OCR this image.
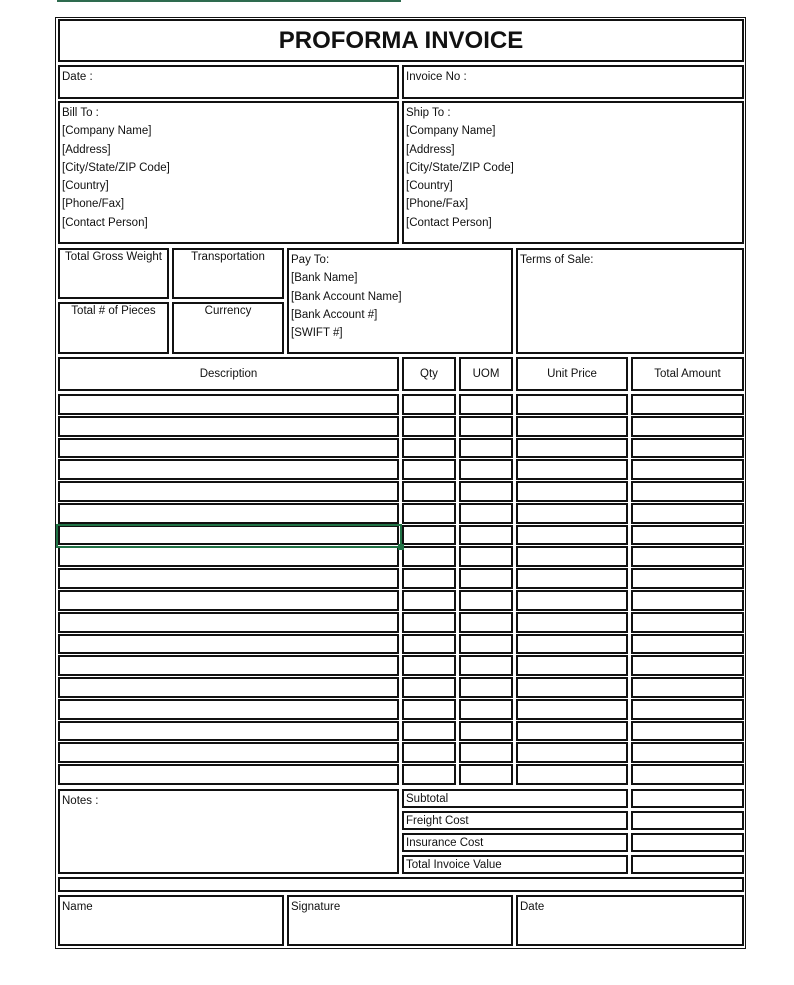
PROFORMA INVOICE
Date :	Invoice No :
Bill To :
[Company Name]
[Address]
[City/State/ZIP Code]
[Country]
[Phone/Fax]
[Contact Person]
Ship To :
[Company Name]
[Address]
[City/State/ZIP Code]
[Country]
[Phone/Fax]
[Contact Person]
Total Gross Weight	Transportation
Total # of Pieces	Currency
Pay To:
[Bank Name]
[Bank Account Name]
[Bank Account #]
[SWIFT #]
Terms of Sale:
Description	Qty	UOM	Unit Price	Total Amount
Notes :	Subtotal
Freight Cost
Insurance Cost
Total Invoice Value
Name	Signature	Date
